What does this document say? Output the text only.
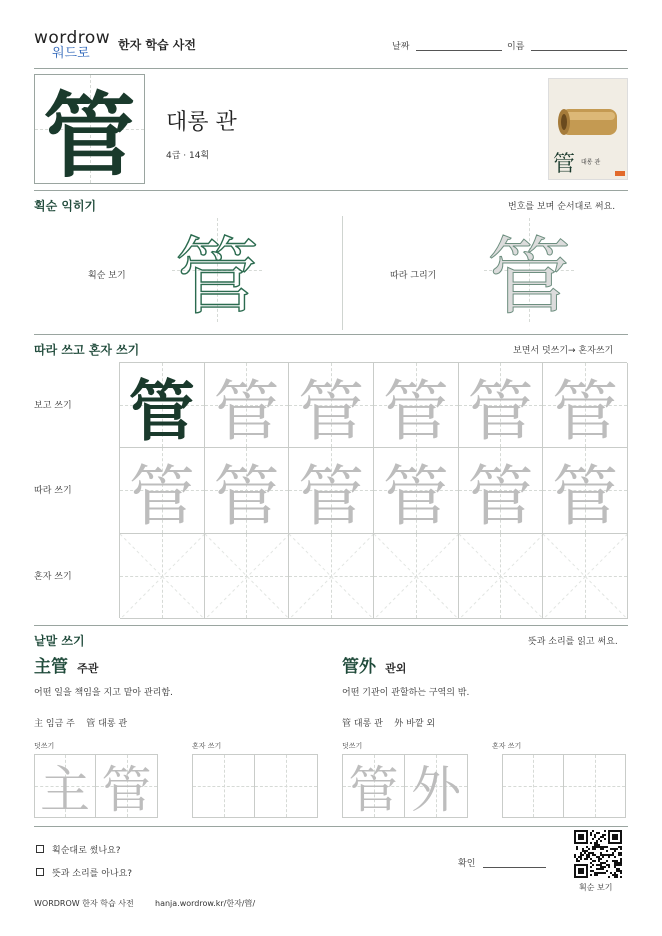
wordrow
워드로
한자 학습 사전	날짜	이름
管	대롱 관
4급 · 14획	管 대롱 관
획순 익히기	번호를 보며 순서대로 써요.
획순 보기 管	따라 그리기 管
따라 쓰고 혼자 쓰기	보면서 덧쓰기→ 혼자쓰기
보고 쓰기
따라 쓰기
혼자 쓰기
管 管 管 管 管 管
管 管 管 管 管 管
낱말 쓰기	뜻과 소리를 읽고 써요.
主管 주관
어떤 일을 책임을 지고 맡아 관리함.
主 임금 주 管 대롱 관
덧쓰기	혼자 쓰기
主 管
管外 관외
어떤 기관이 관할하는 구역의 밖.
管 대롱 관 外 바깥 외
덧쓰기	혼자 쓰기
管 外
획순대로 썼나요?
뜻과 소리를 아나요?
확인
획순 보기
WORDROW 한자 학습 사전	hanja.wordrow.kr/한자/管/
